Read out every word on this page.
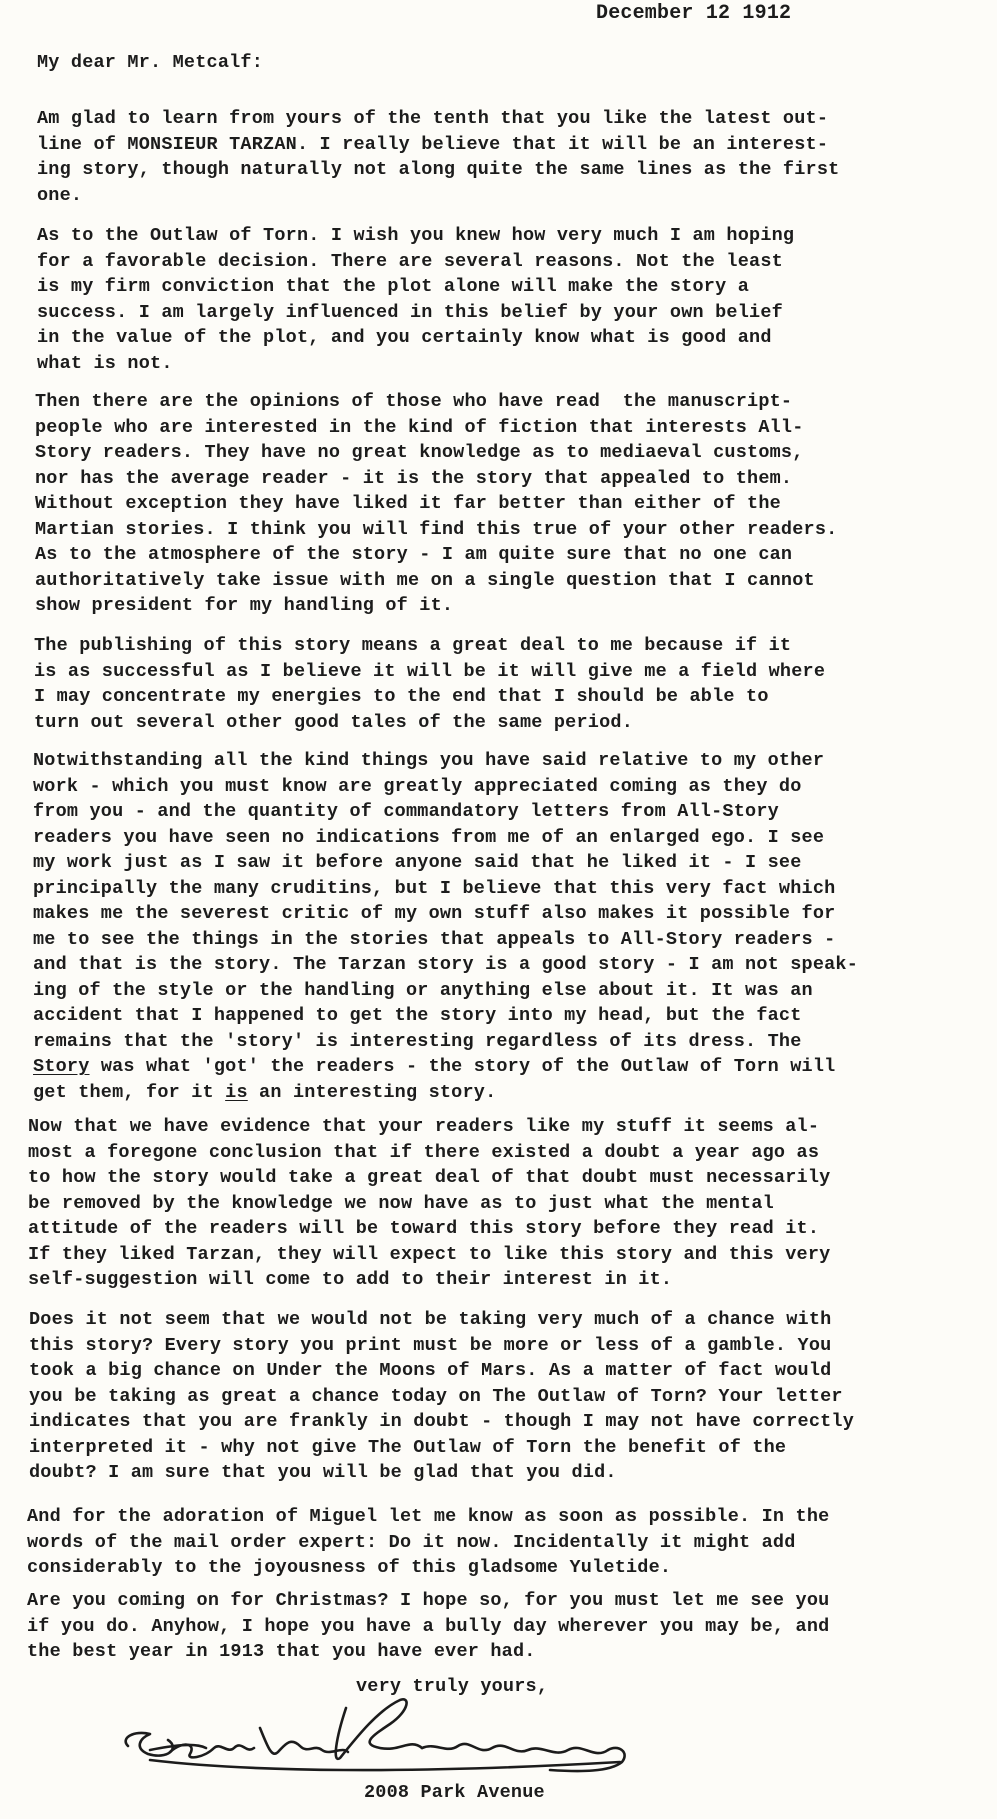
December 12 1912
My dear Mr. Metcalf:
Am glad to learn from yours of the tenth that you like the latest out-
line of MONSIEUR TARZAN. I really believe that it will be an interest-
ing story, though naturally not along quite the same lines as the first
one.
As to the Outlaw of Torn. I wish you knew how very much I am hoping
for a favorable decision. There are several reasons. Not the least
is my firm conviction that the plot alone will make the story a
success. I am largely influenced in this belief by your own belief
in the value of the plot, and you certainly know what is good and
what is not.
Then there are the opinions of those who have read  the manuscript-
people who are interested in the kind of fiction that interests All-
Story readers. They have no great knowledge as to mediaeval customs,
nor has the average reader - it is the story that appealed to them.
Without exception they have liked it far better than either of the
Martian stories. I think you will find this true of your other readers.
As to the atmosphere of the story - I am quite sure that no one can
authoritatively take issue with me on a single question that I cannot
show president for my handling of it.
The publishing of this story means a great deal to me because if it
is as successful as I believe it will be it will give me a field where
I may concentrate my energies to the end that I should be able to
turn out several other good tales of the same period.
Notwithstanding all the kind things you have said relative to my other
work - which you must know are greatly appreciated coming as they do
from you - and the quantity of commandatory letters from All-Story
readers you have seen no indications from me of an enlarged ego. I see
my work just as I saw it before anyone said that he liked it - I see
principally the many cruditins, but I believe that this very fact which
makes me the severest critic of my own stuff also makes it possible for
me to see the things in the stories that appeals to All-Story readers -
and that is the story. The Tarzan story is a good story - I am not speak-
ing of the style or the handling or anything else about it. It was an
accident that I happened to get the story into my head, but the fact
remains that the 'story' is interesting regardless of its dress. The
Story was what 'got' the readers - the story of the Outlaw of Torn will
get them, for it is an interesting story.
Now that we have evidence that your readers like my stuff it seems al-
most a foregone conclusion that if there existed a doubt a year ago as
to how the story would take a great deal of that doubt must necessarily
be removed by the knowledge we now have as to just what the mental
attitude of the readers will be toward this story before they read it.
If they liked Tarzan, they will expect to like this story and this very
self-suggestion will come to add to their interest in it.
Does it not seem that we would not be taking very much of a chance with
this story? Every story you print must be more or less of a gamble. You
took a big chance on Under the Moons of Mars. As a matter of fact would
you be taking as great a chance today on The Outlaw of Torn? Your letter
indicates that you are frankly in doubt - though I may not have correctly
interpreted it - why not give The Outlaw of Torn the benefit of the
doubt? I am sure that you will be glad that you did.
And for the adoration of Miguel let me know as soon as possible. In the
words of the mail order expert: Do it now. Incidentally it might add
considerably to the joyousness of this gladsome Yuletide.
Are you coming on for Christmas? I hope so, for you must let me see you
if you do. Anyhow, I hope you have a bully day wherever you may be, and
the best year in 1913 that you have ever had.
very truly yours,
2008 Park Avenue
